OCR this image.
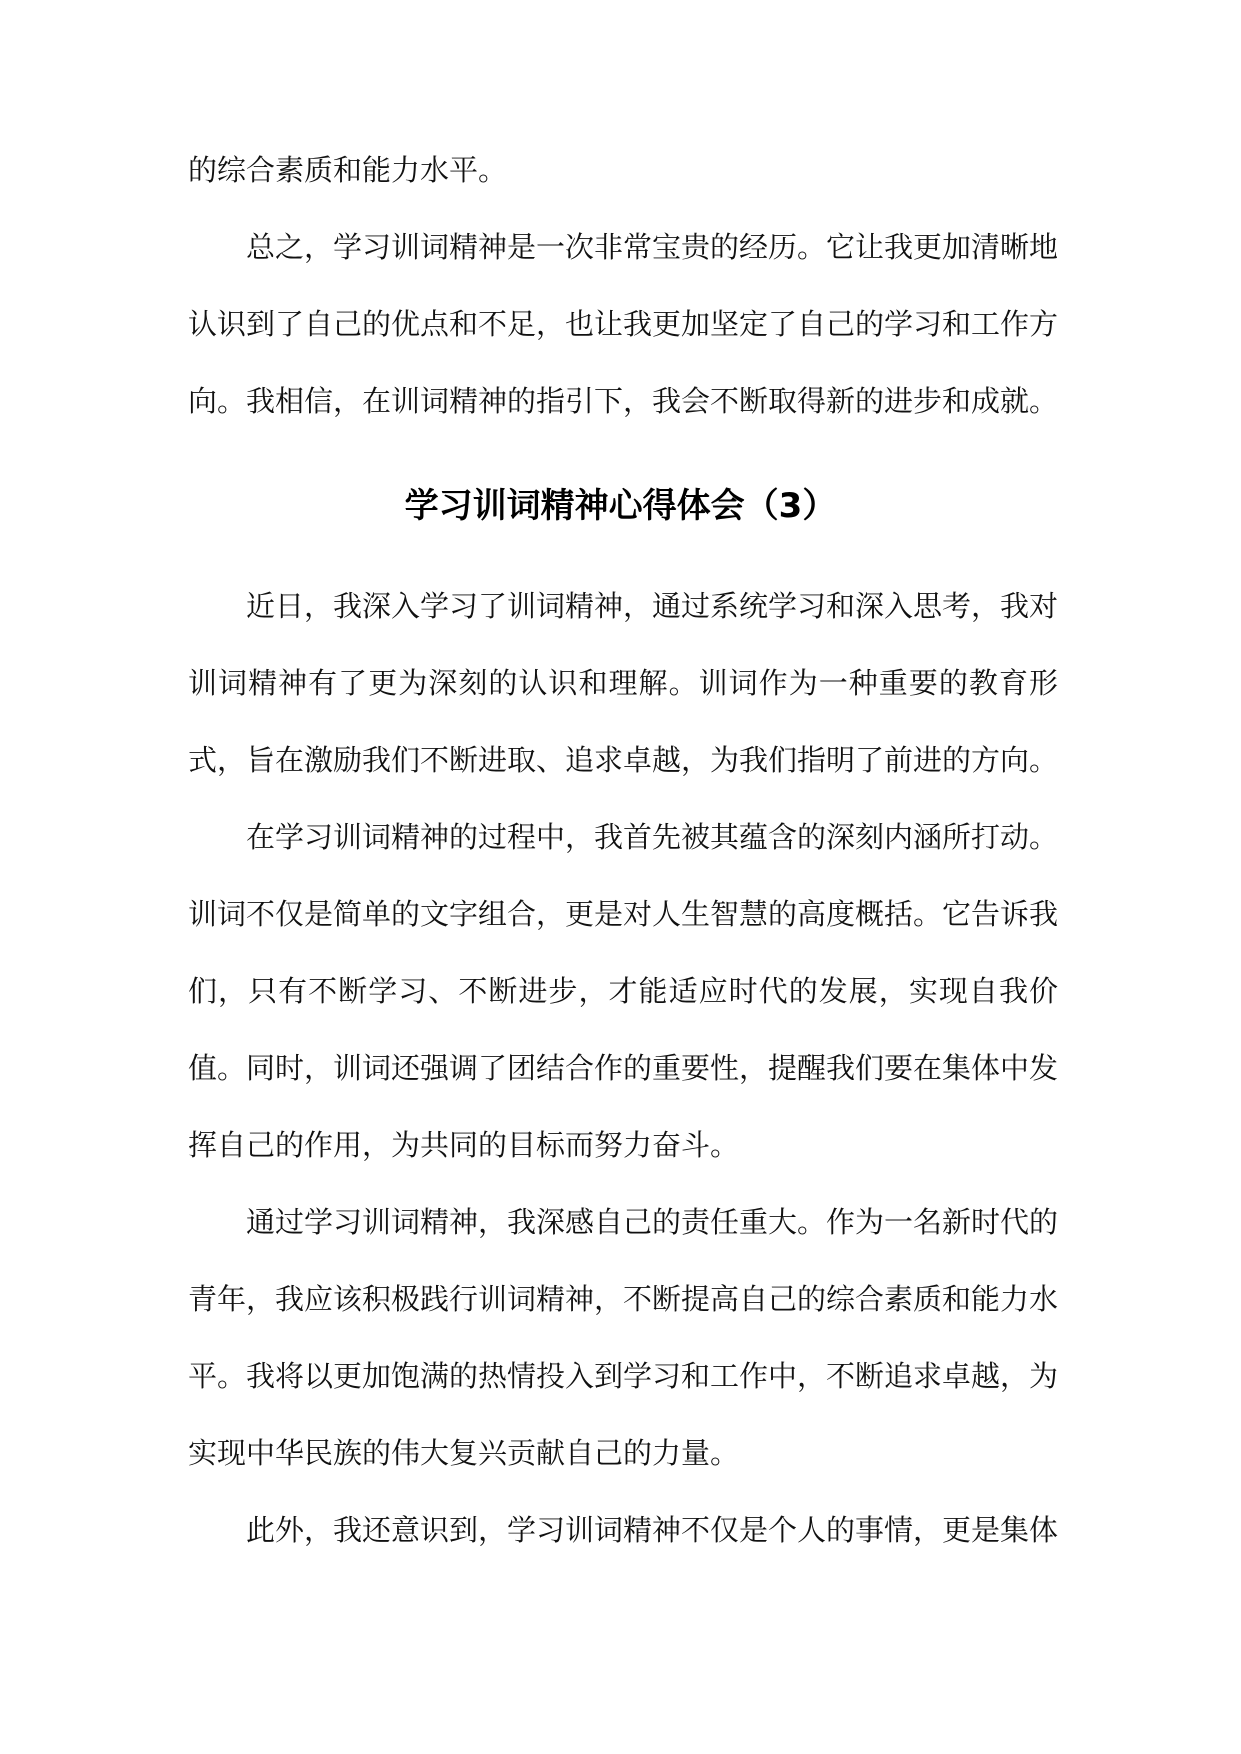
的综合素质和能力水平。

总之，学习训词精神是一次非常宝贵的经历。它让我更加清晰地认识到了自己的优点和不足，也让我更加坚定了自己的学习和工作方向。我相信，在训词精神的指引下，我会不断取得新的进步和成就。

学习训词精神心得体会（3）

近日，我深入学习了训词精神，通过系统学习和深入思考，我对训词精神有了更为深刻的认识和理解。训词作为一种重要的教育形式，旨在激励我们不断进取、追求卓越，为我们指明了前进的方向。

在学习训词精神的过程中，我首先被其蕴含的深刻内涵所打动。训词不仅是简单的文字组合，更是对人生智慧的高度概括。它告诉我们，只有不断学习、不断进步，才能适应时代的发展，实现自我价值。同时，训词还强调了团结合作的重要性，提醒我们要在集体中发挥自己的作用，为共同的目标而努力奋斗。

通过学习训词精神，我深感自己的责任重大。作为一名新时代的青年，我应该积极践行训词精神，不断提高自己的综合素质和能力水平。我将以更加饱满的热情投入到学习和工作中，不断追求卓越，为实现中华民族的伟大复兴贡献自己的力量。

此外，我还意识到，学习训词精神不仅是个人的事情，更是集体
